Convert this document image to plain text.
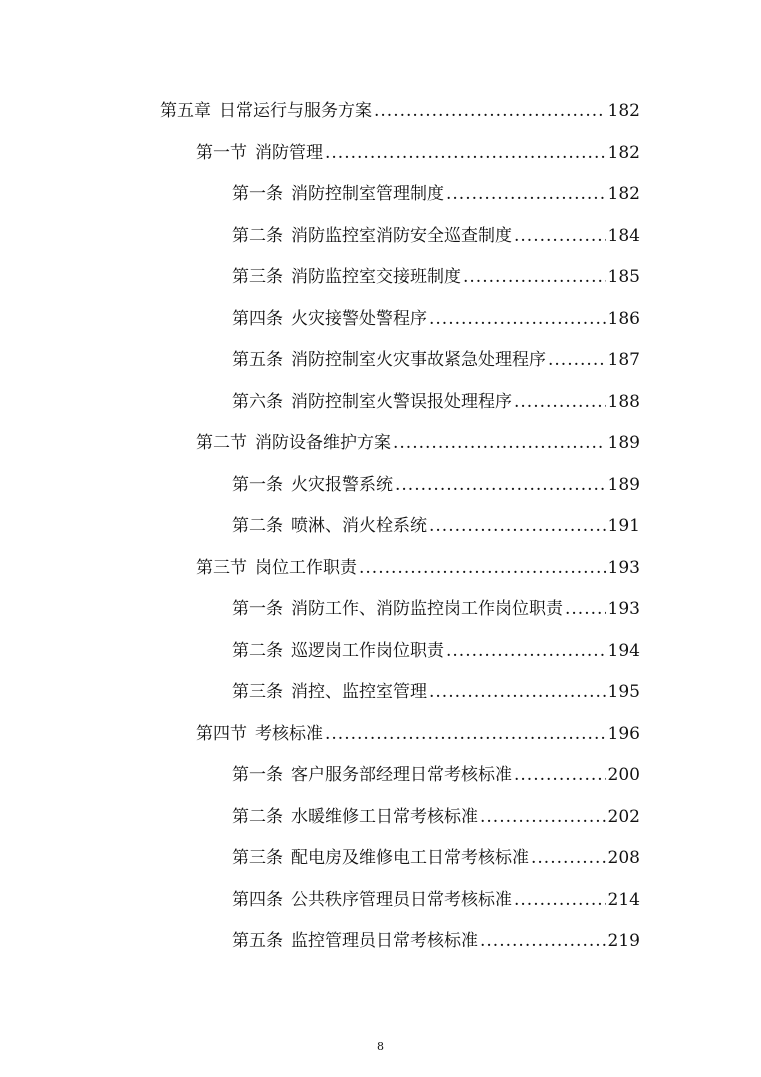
第五章 日常运行与服务方案 .....	182
第一节 消防管理 .....	182
第一条 消防控制室管理制度 .....	182
第二条 消防监控室消防安全巡查制度 .....	184
第三条 消防监控室交接班制度 .....	185
第四条 火灾接警处警程序 .....	186
第五条 消防控制室火灾事故紧急处理程序 .....	187
第六条 消防控制室火警误报处理程序 .....	188
第二节 消防设备维护方案 .....	189
第一条 火灾报警系统 .....	189
第二条 喷淋、消火栓系统 .....	191
第三节 岗位工作职责 .....	193
第一条 消防工作、消防监控岗工作岗位职责 .....	193
第二条 巡逻岗工作岗位职责 .....	194
第三条 消控、监控室管理 .....	195
第四节 考核标准 .....	196
第一条 客户服务部经理日常考核标准 .....	200
第二条 水暖维修工日常考核标准 .....	202
第三条 配电房及维修电工日常考核标准 .....	208
第四条 公共秩序管理员日常考核标准 .....	214
第五条 监控管理员日常考核标准 .....	219
8
